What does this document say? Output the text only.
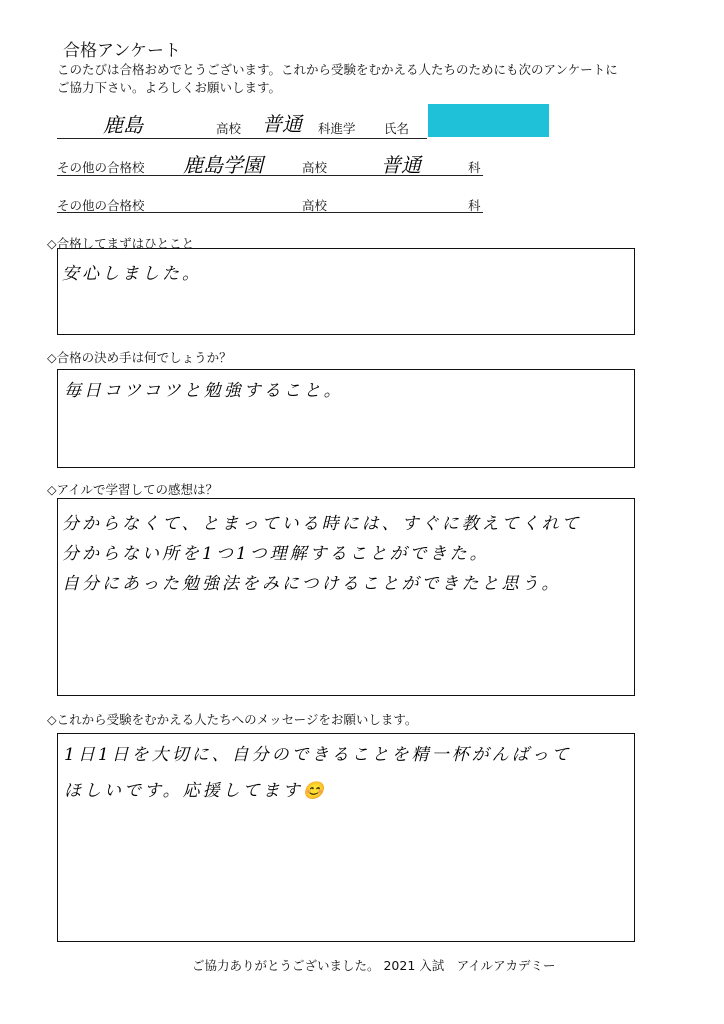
合格アンケート
このたびは合格おめでとうございます。これから受験をむかえる人たちのためにも次のアンケートに
ご協力下さい。よろしくお願いします。
鹿島	高校 普通 科進学 氏名
その他の合格校 鹿島学園	高校	普通	科
その他の合格校	高校	科
◇合格してまずはひとこと
安心しました。
◇合格の決め手は何でしょうか？
毎日コツコツと勉強すること。
◇アイルで学習しての感想は？
分からなくて、とまっている時には、すぐに教えてくれて
分からない所を1つ1つ理解することができた。
自分にあった勉強法をみにつけることができたと思う。
◇これから受験をむかえる人たちへのメッセージをお願いします。
1日1日を大切に、自分のできることを精一杯がんばって
ほしいです。応援してます😊
ご協力ありがとうございました。 2021 入試　アイルアカデミー
